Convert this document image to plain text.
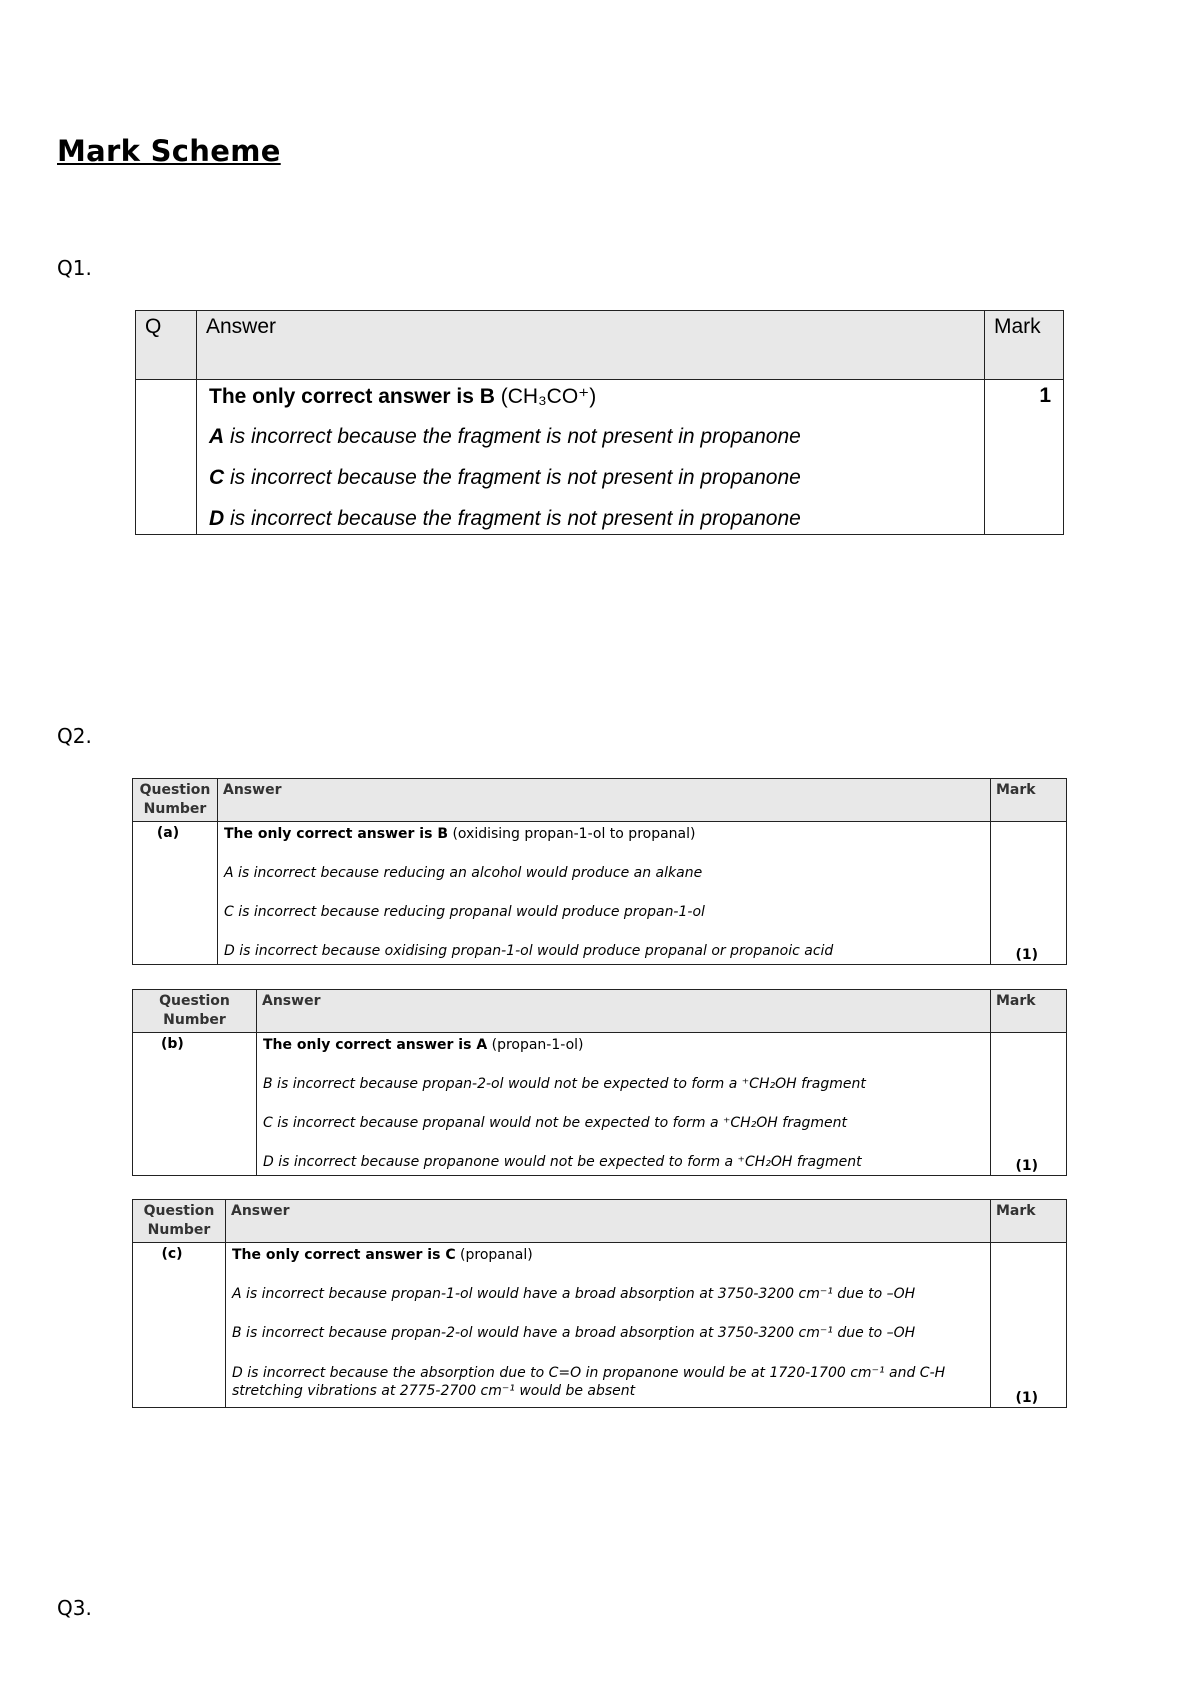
Mark Scheme

Q1.

Q	Answer	Mark

	The only correct answer is B (CH₃CO⁺)

A is incorrect because the fragment is not present in propanone

C is incorrect because the fragment is not present in propanone

D is incorrect because the fragment is not present in propanone	1

Q2.

Question Number	Answer	Mark
(a)	The only correct answer is B (oxidising propan-1-ol to propanal)

A is incorrect because reducing an alcohol would produce an alkane

C is incorrect because reducing propanal would produce propan-1-ol

D is incorrect because oxidising propan-1-ol would produce propanal or propanoic acid	(1)
Question Number	Answer	Mark
(b)	The only correct answer is A (propan-1-ol)

B is incorrect because propan-2-ol would not be expected to form a ⁺CH₂OH fragment

C is incorrect because propanal would not be expected to form a ⁺CH₂OH fragment

D is incorrect because propanone would not be expected to form a ⁺CH₂OH fragment	(1)
Question Number	Answer	Mark
(c)	The only correct answer is C (propanal)

A is incorrect because propan-1-ol would have a broad absorption at 3750-3200 cm⁻¹ due to –OH

B is incorrect because propan-2-ol would have a broad absorption at 3750-3200 cm⁻¹ due to –OH

D is incorrect because the absorption due to C=O in propanone would be at 1720-1700 cm⁻¹ and C-H stretching vibrations at 2775-2700 cm⁻¹ would be absent	(1)

Q3.
